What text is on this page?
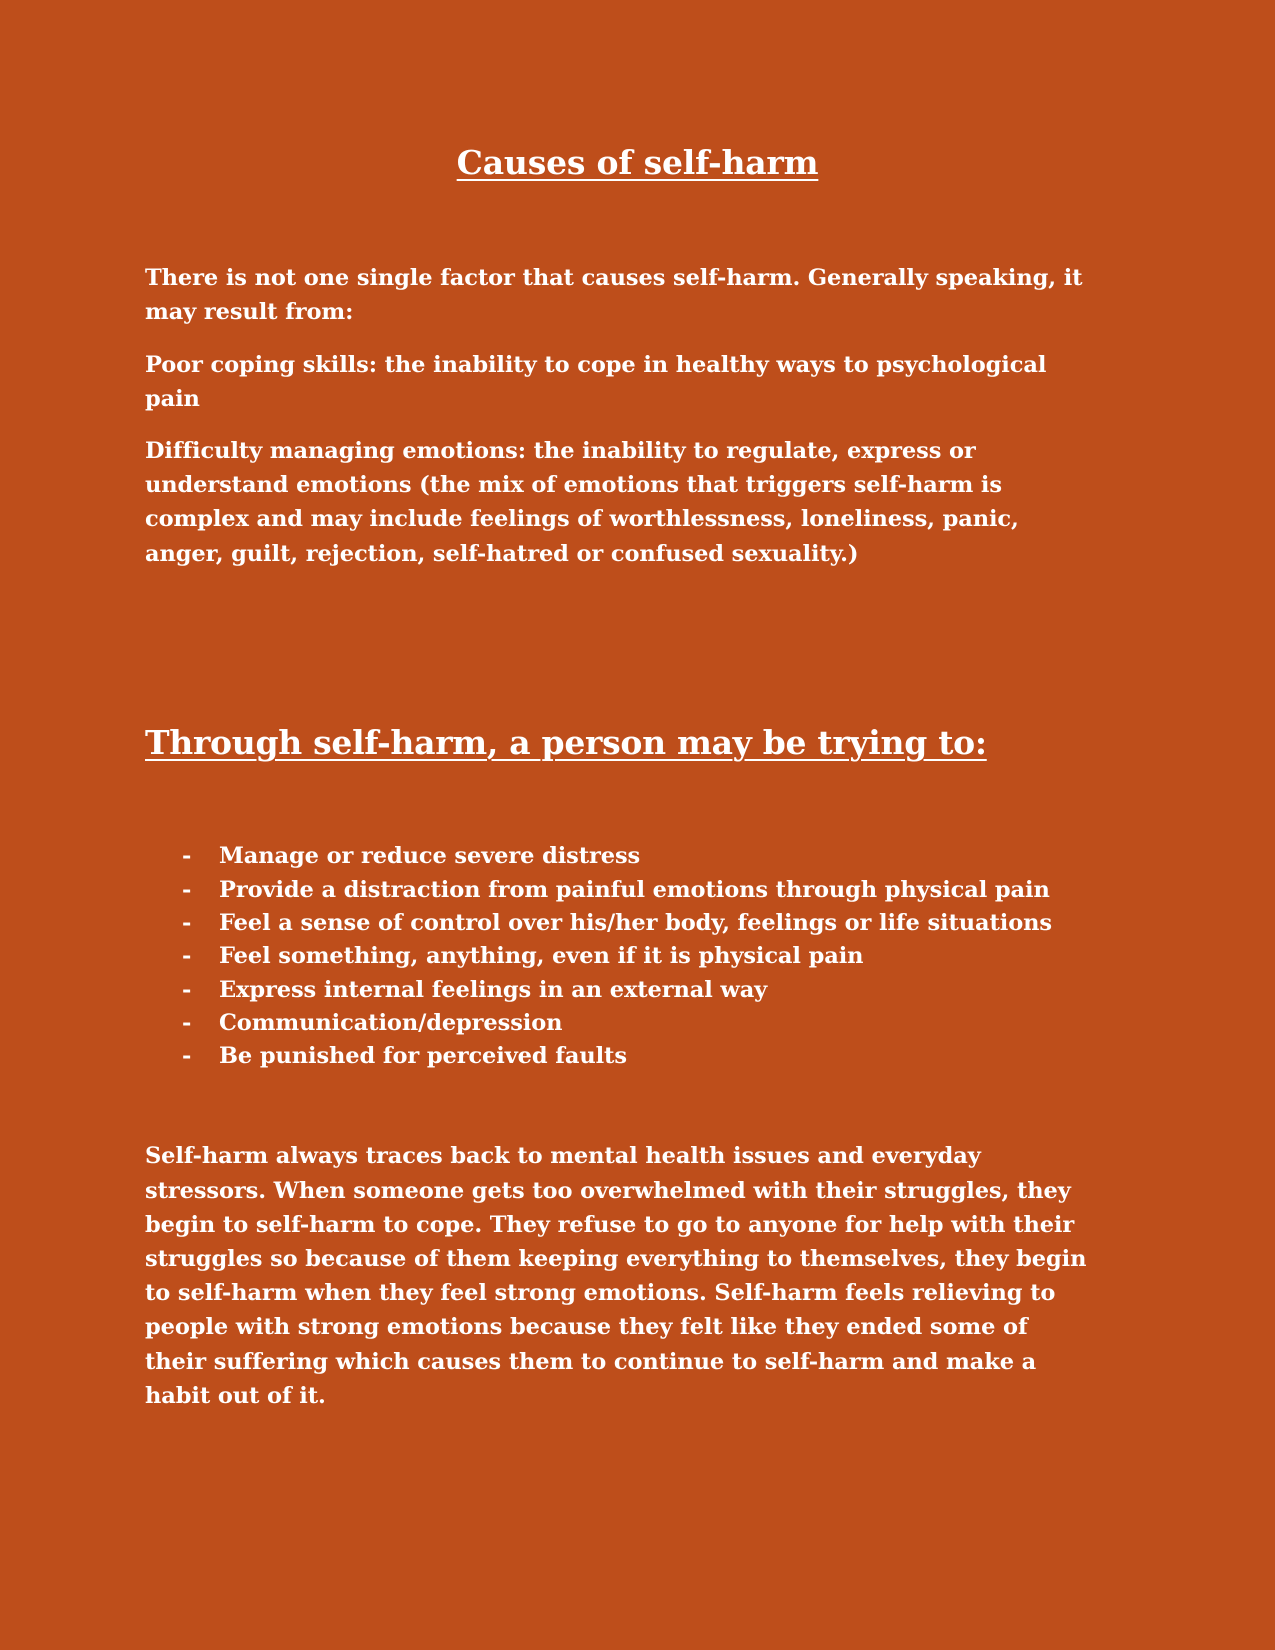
Causes of self-harm

There is not one single factor that causes self-harm. Generally speaking, it may result from:

Poor coping skills: the inability to cope in healthy ways to psychological pain

Difficulty managing emotions: the inability to regulate, express or understand emotions (the mix of emotions that triggers self-harm is complex and may include feelings of worthlessness, loneliness, panic, anger, guilt, rejection, self-hatred or confused sexuality.)

Through self-harm, a person may be trying to:
-	Manage or reduce severe distress
-	Provide a distraction from painful emotions through physical pain
-	Feel a sense of control over his/her body, feelings or life situations
-	Feel something, anything, even if it is physical pain
-	Express internal feelings in an external way
-	Communication/depression
-	Be punished for perceived faults

Self-harm always traces back to mental health issues and everyday stressors. When someone gets too overwhelmed with their struggles, they begin to self-harm to cope. They refuse to go to anyone for help with their struggles so because of them keeping everything to themselves, they begin to self-harm when they feel strong emotions. Self-harm feels relieving to people with strong emotions because they felt like they ended some of their suffering which causes them to continue to self-harm and make a habit out of it.
